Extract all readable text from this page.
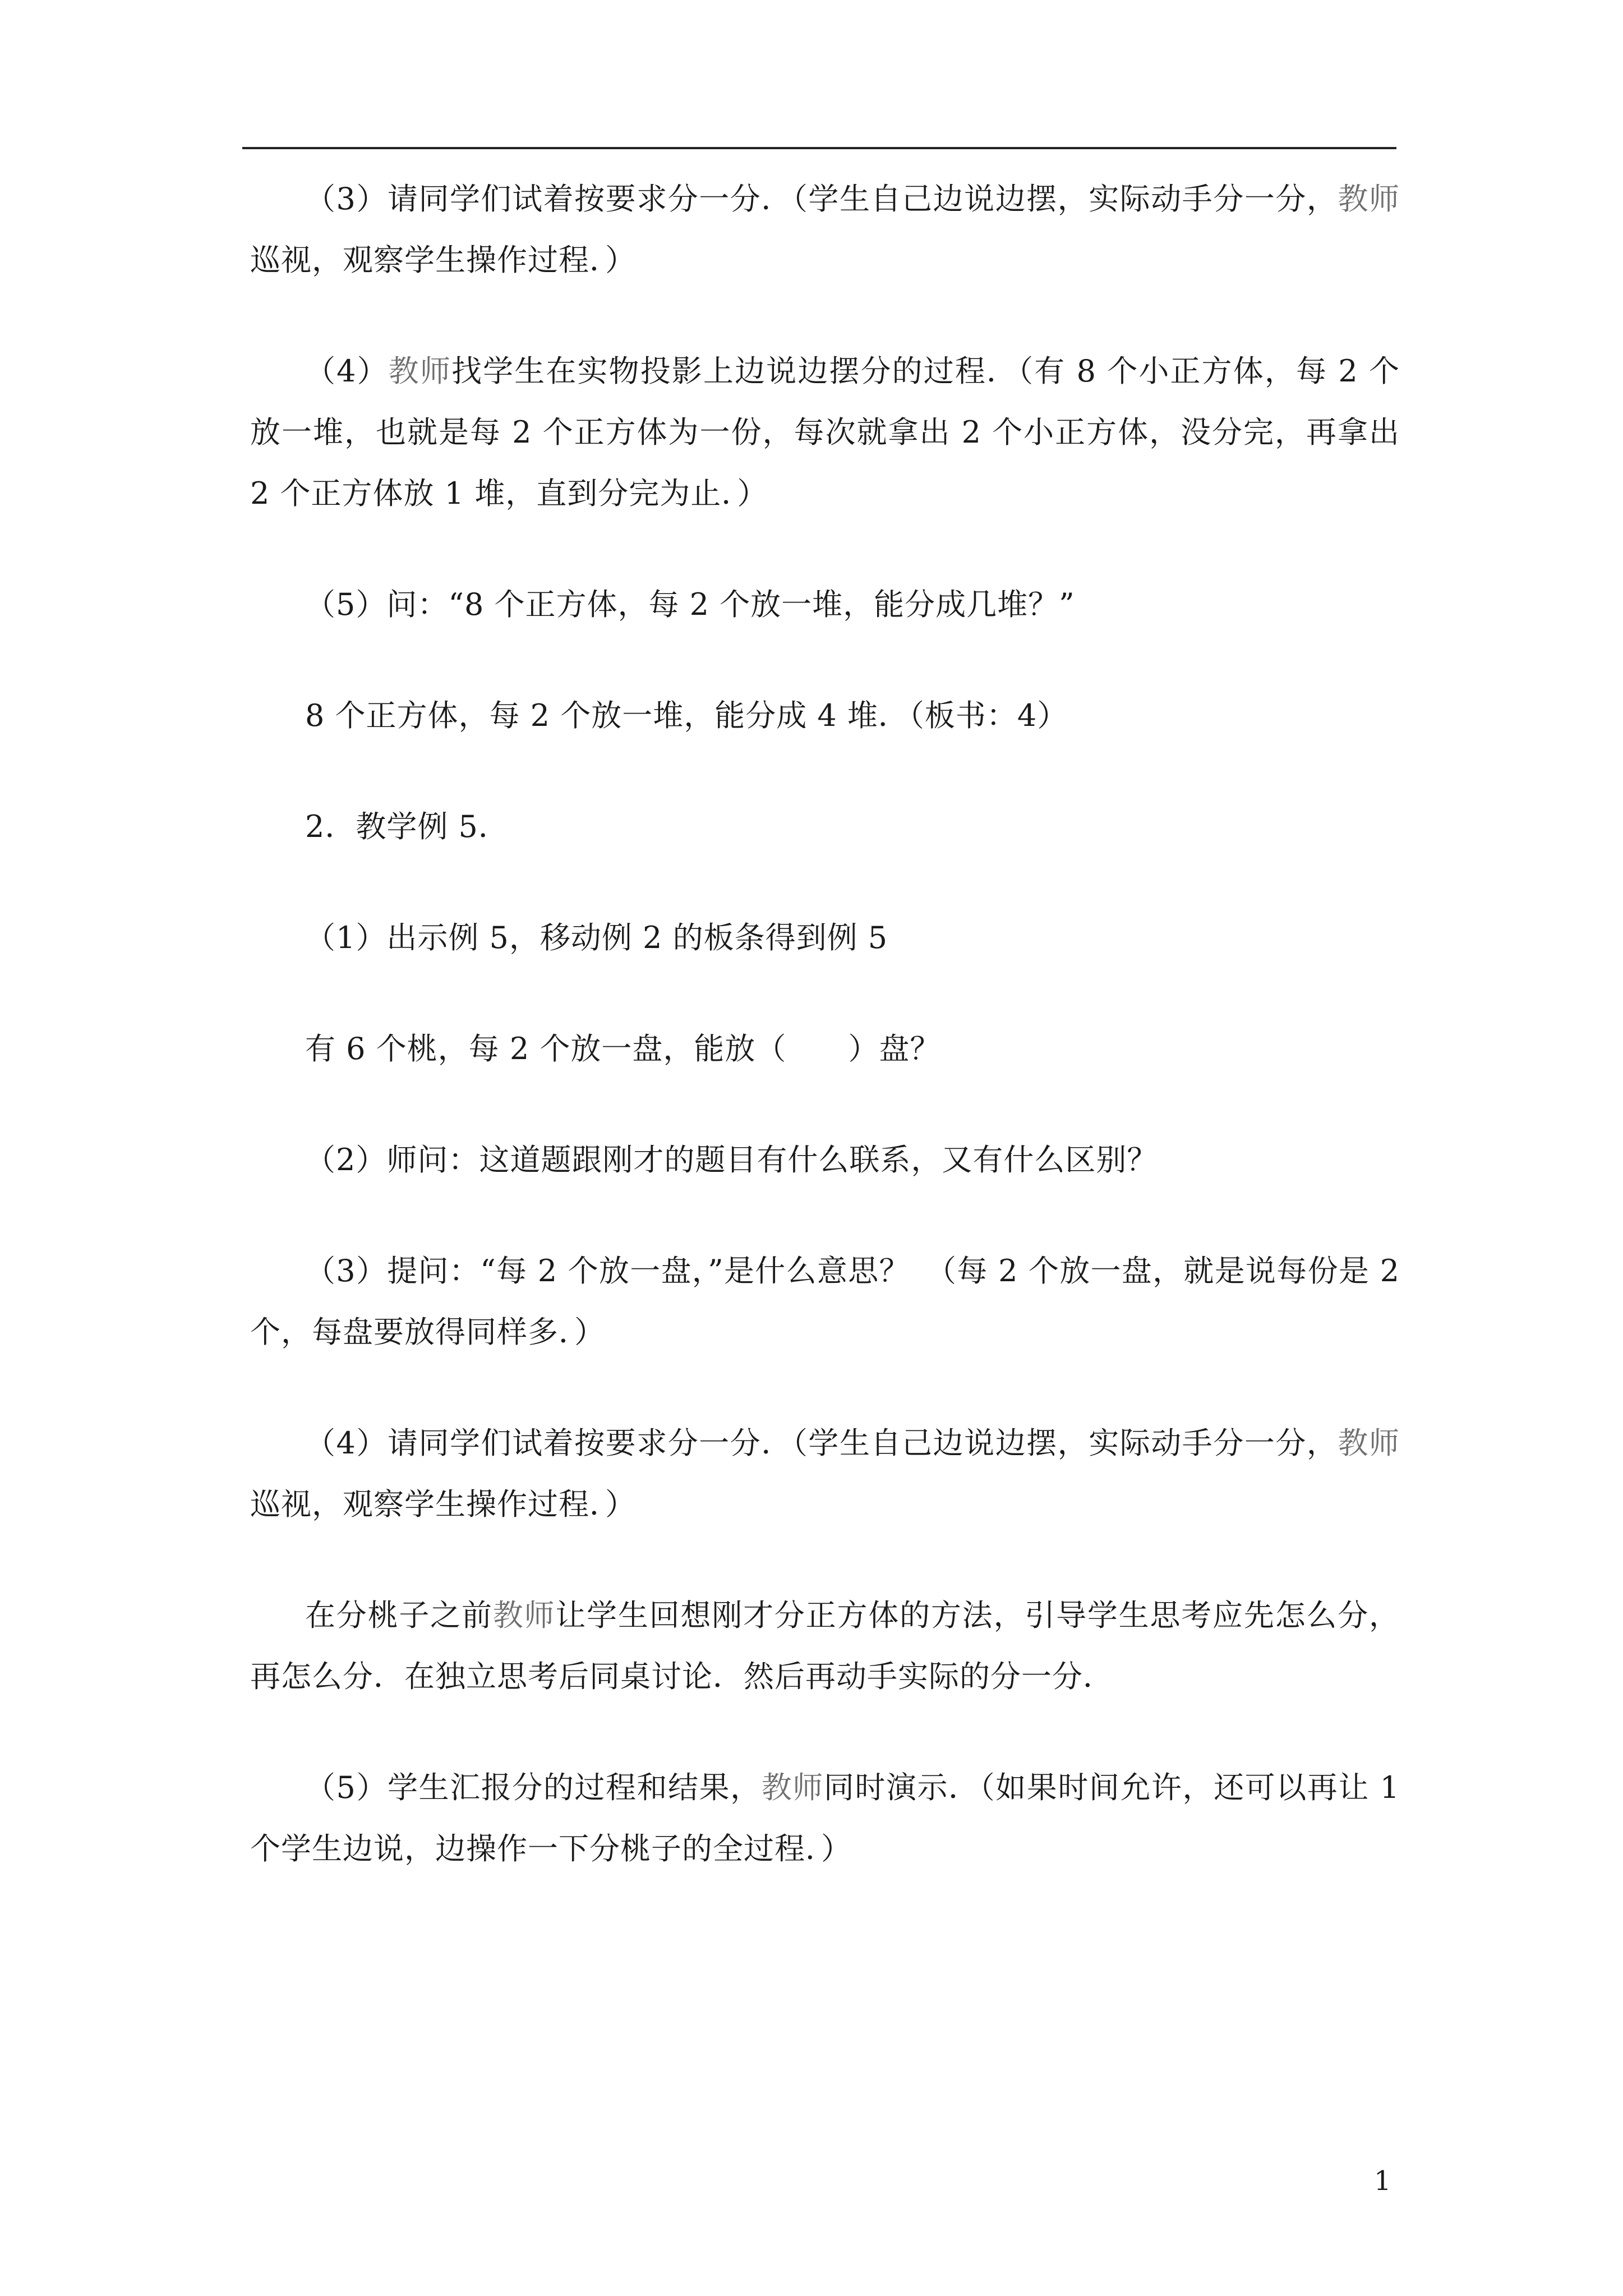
（3）请同学们试着按要求分一分．（学生自己边说边摆，实际动手分一分，教师巡视，观察学生操作过程．）

（4）教师找学生在实物投影上边说边摆分的过程．（有 8 个小正方体，每 2 个放一堆，也就是每 2 个正方体为一份，每次就拿出 2 个小正方体，没分完，再拿出 2 个正方体放 1 堆，直到分完为止．）

（5）问：“8 个正方体，每 2 个放一堆，能分成几堆？”

8 个正方体，每 2 个放一堆，能分成 4 堆．（板书：4）

2．教学例 5．

（1）出示例 5，移动例 2 的板条得到例 5

有 6 个桃，每 2 个放一盘，能放（　　）盘？

（2）师问：这道题跟刚才的题目有什么联系，又有什么区别？

（3）提问：“每 2 个放一盘，”是什么意思？　（每 2 个放一盘，就是说每份是 2 个，每盘要放得同样多．）

（4）请同学们试着按要求分一分．（学生自己边说边摆，实际动手分一分，教师巡视，观察学生操作过程．）

在分桃子之前教师让学生回想刚才分正方体的方法，引导学生思考应先怎么分，再怎么分．在独立思考后同桌讨论．然后再动手实际的分一分．

（5）学生汇报分的过程和结果，教师同时演示．（如果时间允许，还可以再让 1 个学生边说，边操作一下分桃子的全过程．）

1
